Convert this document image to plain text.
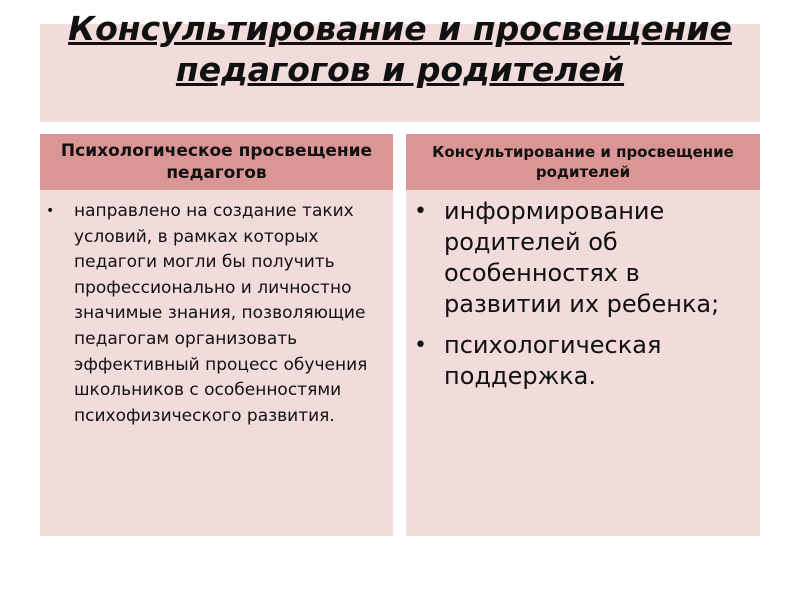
Консультирование и просвещение педагогов и родителей
Психологическое просвещение педагогов
• направлено на создание таких условий, в рамках которых педагоги могли бы получить профессионально и личностно значимые знания, позволяющие педагогам организовать эффективный процесс обучения школьников с особенностями психофизического развития.
Консультирование и просвещение родителей
• информирование родителей об особенностях в развитии их ребенка;
• психологическая поддержка.
